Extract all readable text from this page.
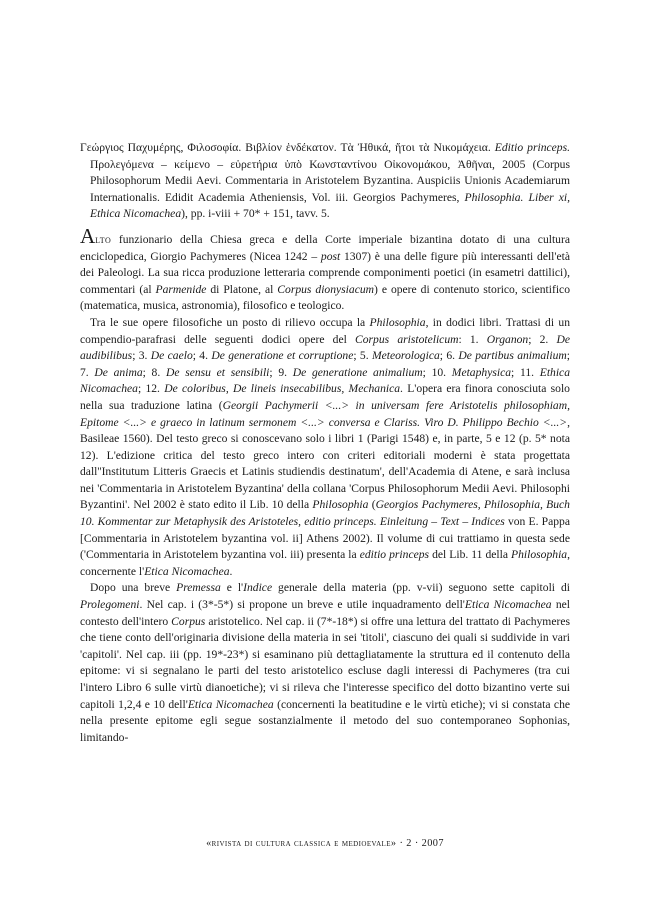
Γεώργιος Παχυμέρης, Φιλοσοφία. Βιβλίον ἑνδέκατον. Τὰ Ἠθικά, ἤτοι τὰ Νικομάχεια. Editio princeps. Προλεγόμενα – κείμενο – εὑρετήρια ὑπὸ Κωνσταντίνου Οἰκονομάκου, Ἀθῆναι, 2005 (Corpus Philosophorum Medii Aevi. Commentaria in Aristotelem Byzantina. Auspiciis Unionis Academiarum Internationalis. Edidit Academia Atheniensis, Vol. iii. Georgios Pachymeres, Philosophia. Liber xi, Ethica Nicomachea), pp. i-viii + 70* + 151, tavv. 5.

Alto funzionario della Chiesa greca e della Corte imperiale bizantina dotato di una cultura enciclopedica, Giorgio Pachymeres (Nicea 1242 – post 1307) è una delle figure più interessanti dell'età dei Paleologi. La sua ricca produzione letteraria comprende componimenti poetici (in esametri dattilici), commentari (al Parmenide di Platone, al Corpus dionysiacum) e opere di contenuto storico, scientifico (matematica, musica, astronomia), filosofico e teologico.

Tra le sue opere filosofiche un posto di rilievo occupa la Philosophia, in dodici libri. Trattasi di un compendio-parafrasi delle seguenti dodici opere del Corpus aristotelicum: 1. Organon; 2. De audibilibus; 3. De caelo; 4. De generatione et corruptione; 5. Meteorologica; 6. De partibus animalium; 7. De anima; 8. De sensu et sensibili; 9. De generatione animalium; 10. Metaphysica; 11. Ethica Nicomachea; 12. De coloribus, De lineis insecabilibus, Mechanica. L'opera era finora conosciuta solo nella sua traduzione latina (Georgii Pachymerii <...> in universam fere Aristotelis philosophiam, Epitome <...> e graeco in latinum sermonem <...> conversa e Clariss. Viro D. Philippo Bechio <...>, Basileae 1560). Del testo greco si conoscevano solo i libri 1 (Parigi 1548) e, in parte, 5 e 12 (p. 5* nota 12). L'edizione critica del testo greco intero con criteri editoriali moderni è stata progettata dall''Institutum Litteris Graecis et Latinis studiendis destinatum', dell'Academia di Atene, e sarà inclusa nei 'Commentaria in Aristotelem Byzantina' della collana 'Corpus Philosophorum Medii Aevi. Philosophi Byzantini'. Nel 2002 è stato edito il Lib. 10 della Philosophia (Georgios Pachymeres, Philosophia, Buch 10. Kommentar zur Metaphysik des Aristoteles, editio princeps. Einleitung – Text – Indices von E. Pappa [Commentaria in Aristotelem byzantina vol. ii] Athens 2002). Il volume di cui trattiamo in questa sede ('Commentaria in Aristotelem byzantina vol. iii) presenta la editio princeps del Lib. 11 della Philosophia, concernente l'Etica Nicomachea.

Dopo una breve Premessa e l'Indice generale della materia (pp. v-vii) seguono sette capitoli di Prolegomeni. Nel cap. i (3*-5*) si propone un breve e utile inquadramento dell'Etica Nicomachea nel contesto dell'intero Corpus aristotelico. Nel cap. ii (7*-18*) si offre una lettura del trattato di Pachymeres che tiene conto dell'originaria divisione della materia in sei 'titoli', ciascuno dei quali si suddivide in vari 'capitoli'. Nel cap. iii (pp. 19*-23*) si esaminano più dettagliatamente la struttura ed il contenuto della epitome: vi si segnalano le parti del testo aristotelico escluse dagli interessi di Pachymeres (tra cui l'intero Libro 6 sulle virtù dianoetiche); vi si rileva che l'interesse specifico del dotto bizantino verte sui capitoli 1,2,4 e 10 dell'Etica Nicomachea (concernenti la beatitudine e le virtù etiche); vi si constata che nella presente epitome egli segue sostanzialmente il metodo del suo contemporaneo Sophonias, limitando-

«rivista di cultura classica e medioevale» · 2 · 2007
